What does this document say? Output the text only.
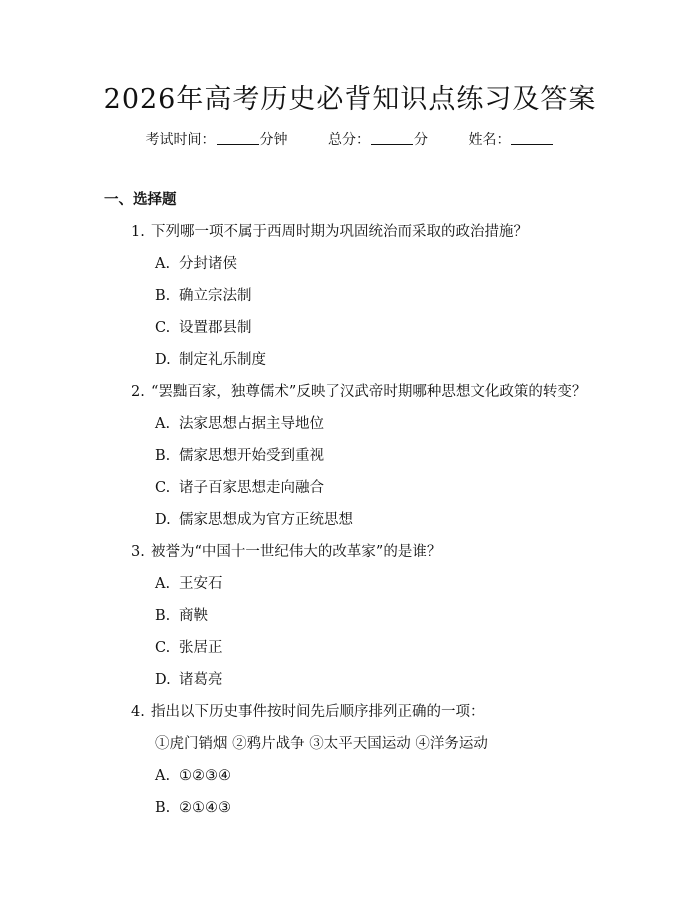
2026年高考历史必背知识点练习及答案
考试时间：	分钟	总分：	分	姓名：
一、选择题
1. 下列哪一项不属于西周时期为巩固统治而采取的政治措施？
A. 分封诸侯
B. 确立宗法制
C. 设置郡县制
D. 制定礼乐制度
2. “罢黜百家，独尊儒术”反映了汉武帝时期哪种思想文化政策的转变？
A. 法家思想占据主导地位
B. 儒家思想开始受到重视
C. 诸子百家思想走向融合
D. 儒家思想成为官方正统思想
3. 被誉为“中国十一世纪伟大的改革家”的是谁？
A. 王安石
B. 商鞅
C. 张居正
D. 诸葛亮
4. 指出以下历史事件按时间先后顺序排列正确的一项：
①虎门销烟 ②鸦片战争 ③太平天国运动 ④洋务运动
A. ①②③④
B. ②①④③
